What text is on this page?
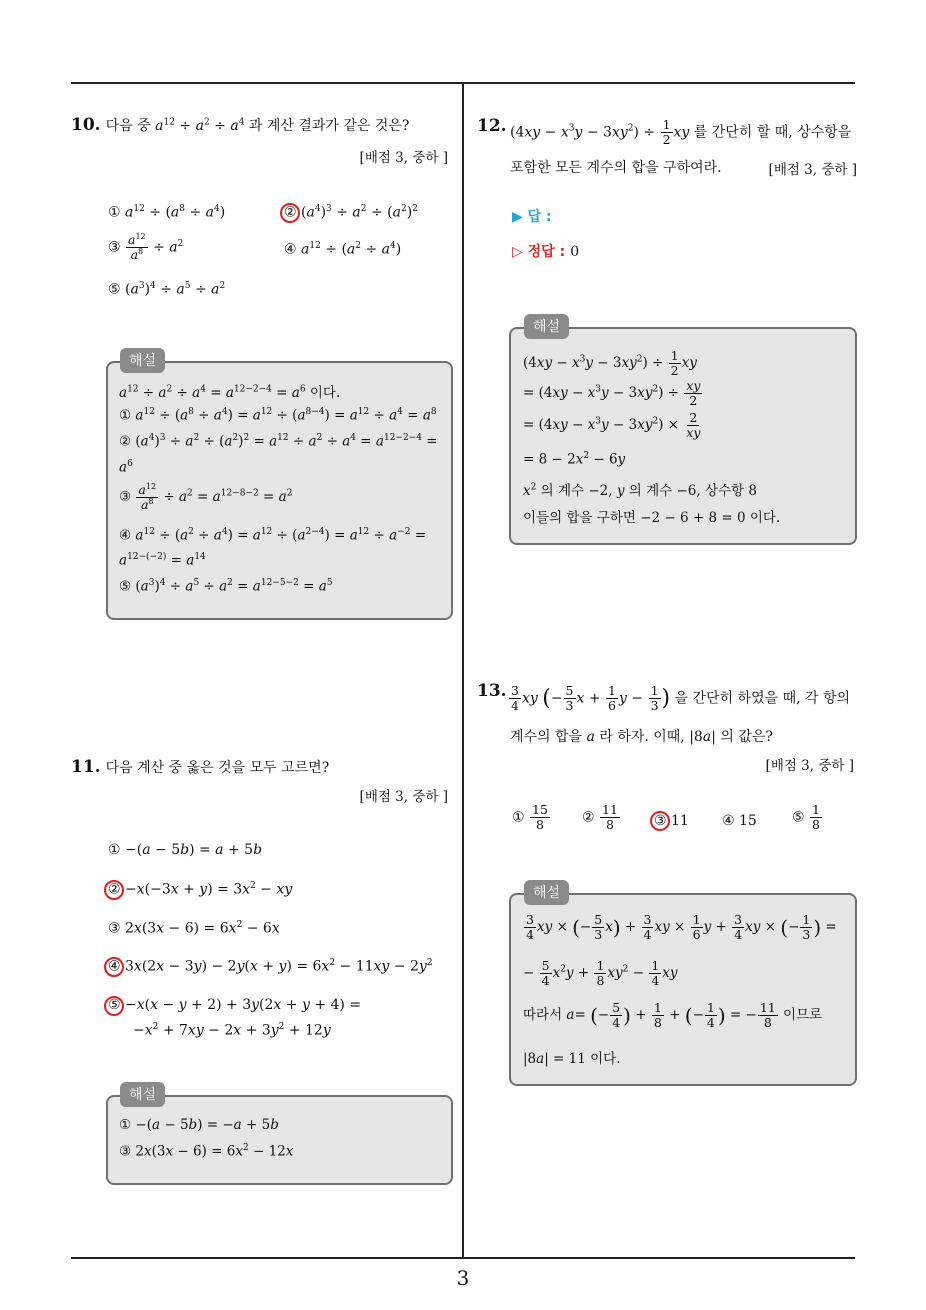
10. 다음 중 $a^{12} \div a^2 \div a^4$ 과 계산 결과가 같은 것은?
[배점 3, 중하 ]
① $a^{12} \div (a^8 \div a^4)$	② $(a^4)^3 \div a^2 \div (a^2)^2$
③ $\frac{a^{12}}{a^8} \div a^2$	④ $a^{12} \div (a^2 \div a^4)$
⑤ $(a^3)^4 \div a^5 \div a^2$
$a^{12} \div a^2 \div a^4 = a^{12-2-4} = a^6$ 이다.
① $a^{12} \div (a^8 \div a^4) = a^{12} \div (a^{8-4}) = a^{12} \div a^4 = a^8$
② $(a^4)^3 \div a^2 \div (a^2)^2 = a^{12} \div a^2 \div a^4 = a^{12-2-4}$ =
$a^6$
③ $\frac{a^{12}}{a^8} \div a^2 = a^{12-8-2} = a^2$
④ $a^{12} \div (a^2 \div a^4) = a^{12} \div (a^{2-4}) = a^{12} \div a^{-2}$ =
$a^{12-(-2)} = a^{14}$
⑤ $(a^3)^4 \div a^5 \div a^2 = a^{12-5-2} = a^5$
해설
11. 다음 계산 중 옳은 것을 모두 고르면?
[배점 3, 중하 ]
① −(a − 5b) = a + 5b
② $-x(-3x + y) = 3x^2$ − xy
③ $2x(3x - 6) = 6x^2 - 6x$
④ $3x(2x - 3y) - 2y(x + y) = 6x^2 - 11xy - 2y^2$
⑤ −x(x − y + 2) + 3y(2x + y + 4) =
$-x^2 + 7xy - 2x + 3y^2 + 12y$
① −(a − 5b) = −a + 5b
③ $2x(3x - 6) = 6x^2 - 12x$
해설
12. $(4xy - x^3y - 3xy^2) \div \frac{1}{2}$ xy 를 간단히 할 때, 상수항을
포함한 모든 계수의 합을 구하여라.	[배점 3, 중하 ]
▶ 답 :
▷ 정답 : 0
$(4xy - x^3y - 3xy^2) \div \frac{1}{2}$ xy
= $(4xy - x^3y - 3xy^2) \div \frac{xy}{2}$
= $(4xy - x^3y - 3xy^2) \times \frac{2}{xy}$
= $8 - 2x^2 - 6y$
$x^2$ 의 계수 −2, y 의 계수 −6, 상수항 8
이들의 합을 구하면 −2 − 6 + 8 = 0 이다.
해설
13. $\frac{3}{4}$ xy (− $\frac{5}{3}$ $x + \frac{1}{6}$ $y - \frac{1}{3}$ ) 을 간단히 하였을 때, 각 항의
계수의 합을 a 라 하자. 이때, |8a| 의 값은?
[배점 3, 중하 ]
① $\frac{15}{8}$ ② $\frac{11}{8}$ ③ 11 ④ 15	⑤ $\frac{1}{8}$
$\frac{3}{4}$ xy × (− $\frac{5}{3} x) + \frac{3}{4}$ xy × $\frac{1}{6}$ $y + \frac{3}{4}$ xy × (− $\frac{1}{3}$ ) =
− $\frac{5}{4} x^2y + \frac{1}{8} xy^2 - \frac{1}{4}$ xy
따라서 a= (− $\frac{5}{4}$ ) + $\frac{1}{8}$ + (− $\frac{1}{4}$ ) = − $\frac{11}{8}$ 이므로
|8a| = 11 이다.
해설
3
